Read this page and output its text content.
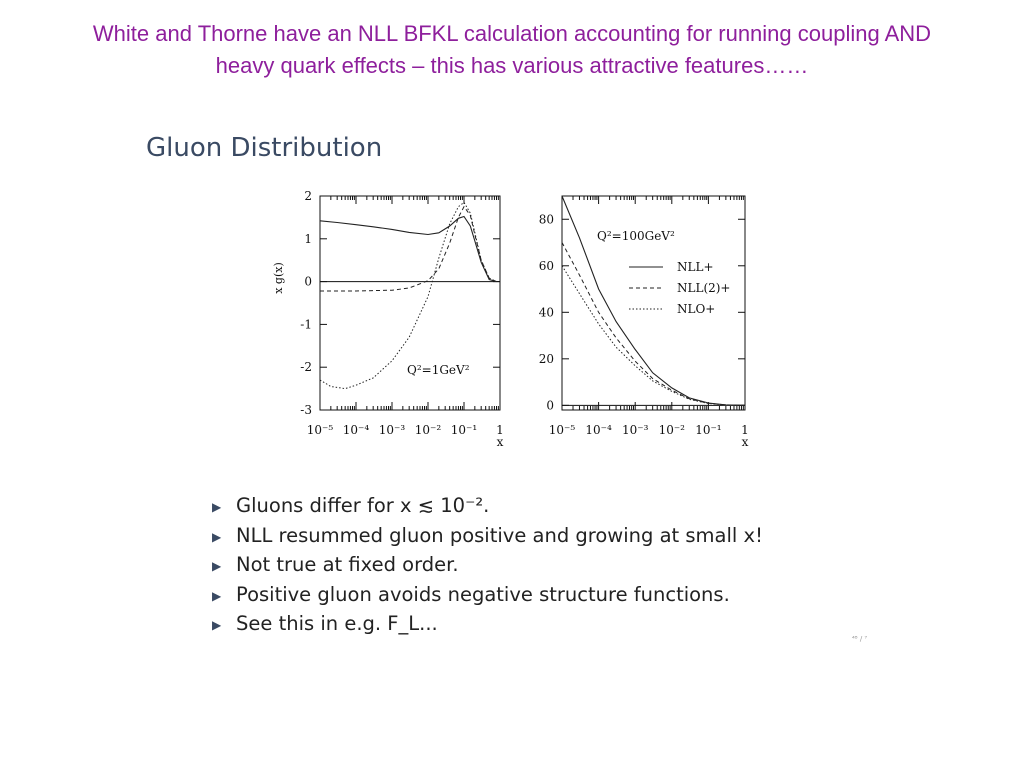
White and Thorne have an NLL BFKL calculation accounting for running coupling AND
heavy quark effects – this has various attractive features……
Gluon Distribution
2
1
0
-1
-2
-3
10⁻⁵ 10⁻⁴ 10⁻³ 10⁻² 10⁻¹ 1
x
x g(x)
Q²=1GeV²
80
60
40
20
0
10⁻⁵ 10⁻⁴ 10⁻³ 10⁻² 10⁻¹ 1
x
Q²=100GeV²
NLL+
NLL(2)+
NLO+
▶ Gluons differ for x ≲ 10⁻².
▶ NLL resummed gluon positive and growing at small x!
▶ Not true at fixed order.
▶ Positive gluon avoids negative structure functions.
▶ See this in e.g. F_L...
⁴⁸ / ⁷
